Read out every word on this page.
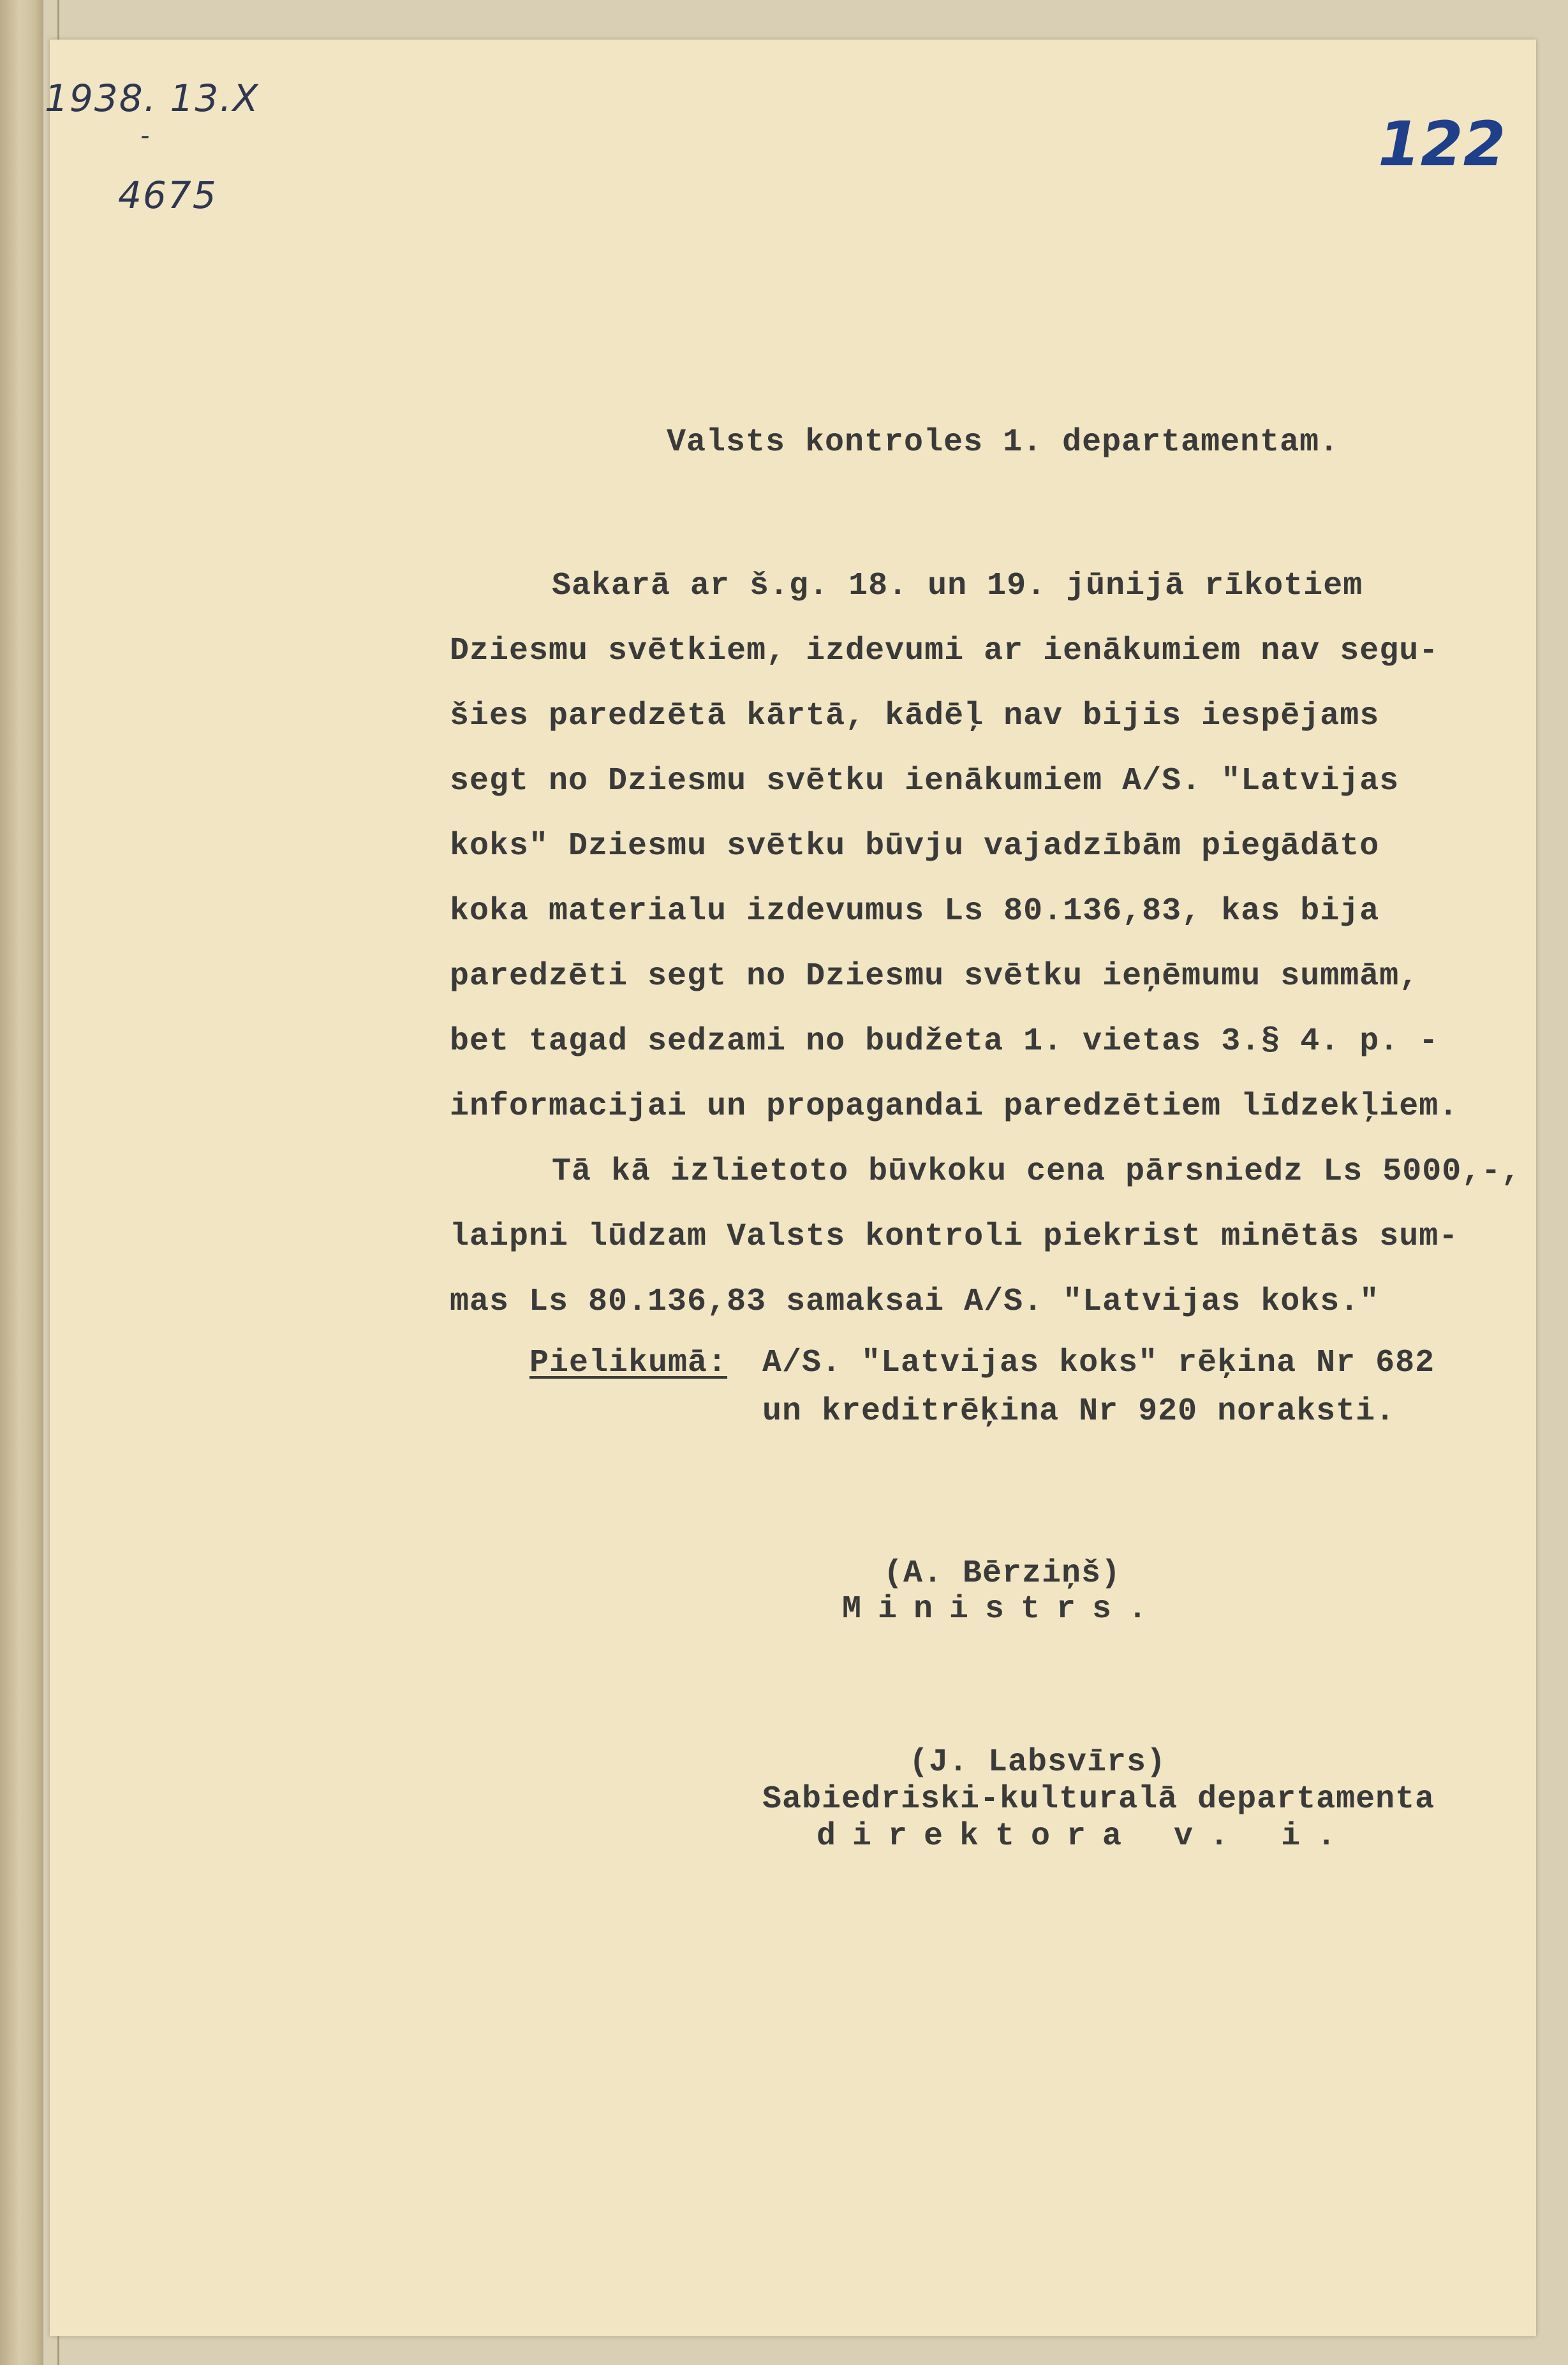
1938. 13.X
-
4675
122
Valsts kontroles 1. departamentam.
Sakarā ar š.g. 18. un 19. jūnijā rīkotiem
Dziesmu svētkiem, izdevumi ar ienākumiem nav segu-
šies paredzētā kārtā, kādēļ nav bijis iespējams
segt no Dziesmu svētku ienākumiem A/S. "Latvijas
koks" Dziesmu svētku būvju vajadzībām piegādāto
koka materialu izdevumus Ls 80.136,83, kas bija
paredzēti segt no Dziesmu svētku ieņēmumu summām,
bet tagad sedzami no budžeta 1. vietas 3.§ 4. p. -
informacijai un propagandai paredzētiem līdzekļiem.
Tā kā izlietoto būvkoku cena pārsniedz Ls 5000,-,
laipni lūdzam Valsts kontroli piekrist minētās sum-
mas Ls 80.136,83 samaksai A/S. "Latvijas koks."
Pielikumā: A/S. "Latvijas koks" rēķina Nr 682
un kreditrēķina Nr 920 noraksti.
(A. Bērziņš)
Ministrs.
(J. Labsvīrs)
Sabiedriski-kulturalā departamenta
direktora v. i.
